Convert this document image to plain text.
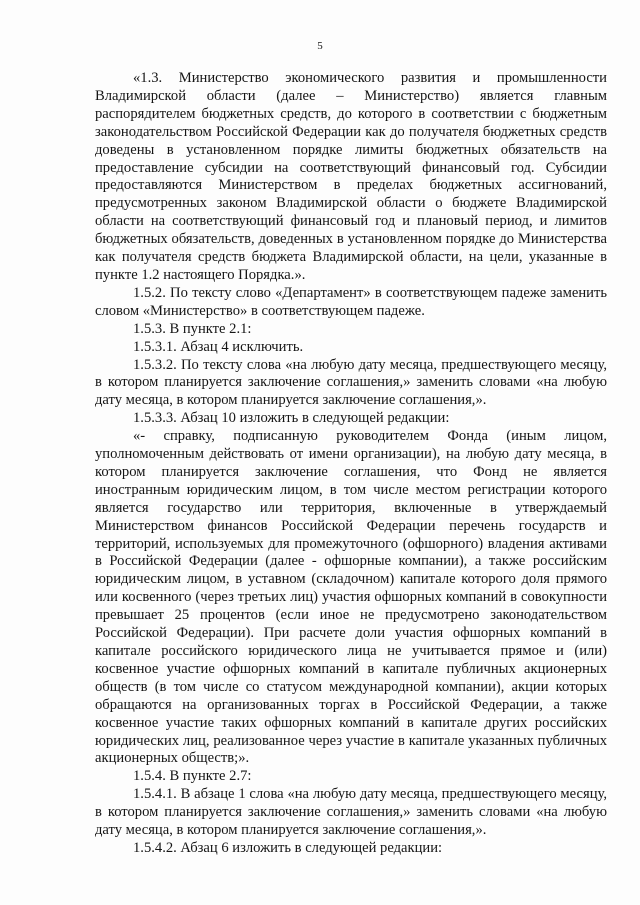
5

«1.3. Министерство экономического развития и промышленности Владимирской области (далее – Министерство) является главным распорядителем бюджетных средств, до которого в соответствии с бюджетным законодательством Российской Федерации как до получателя бюджетных средств доведены в установленном порядке лимиты бюджетных обязательств на предоставление субсидии на соответствующий финансовый год. Субсидии предоставляются Министерством в пределах бюджетных ассигнований, предусмотренных законом Владимирской области о бюджете Владимирской области на соответствующий финансовый год и плановый период, и лимитов бюджетных обязательств, доведенных в установленном порядке до Министерства как получателя средств бюджета Владимирской области, на цели, указанные в пункте 1.2 настоящего Порядка.».

1.5.2. По тексту слово «Департамент» в соответствующем падеже заменить словом «Министерство» в соответствующем падеже.

1.5.3. В пункте 2.1:

1.5.3.1. Абзац 4 исключить.

1.5.3.2. По тексту слова «на любую дату месяца, предшествующего месяцу, в котором планируется заключение соглашения,» заменить словами «на любую дату месяца, в котором планируется заключение соглашения,».

1.5.3.3. Абзац 10 изложить в следующей редакции:

«- справку, подписанную руководителем Фонда (иным лицом, уполномоченным действовать от имени организации), на любую дату месяца, в котором планируется заключение соглашения, что Фонд не является иностранным юридическим лицом, в том числе местом регистрации которого является государство или территория, включенные в утверждаемый Министерством финансов Российской Федерации перечень государств и территорий, используемых для промежуточного (офшорного) владения активами в Российской Федерации (далее - офшорные компании), а также российским юридическим лицом, в уставном (складочном) капитале которого доля прямого или косвенного (через третьих лиц) участия офшорных компаний в совокупности превышает 25 процентов (если иное не предусмотрено законодательством Российской Федерации). При расчете доли участия офшорных компаний в капитале российского юридического лица не учитывается прямое и (или) косвенное участие офшорных компаний в капитале публичных акционерных обществ (в том числе со статусом международной компании), акции которых обращаются на организованных торгах в Российской Федерации, а также косвенное участие таких офшорных компаний в капитале других российских юридических лиц, реализованное через участие в капитале указанных публичных акционерных обществ;».

1.5.4. В пункте 2.7:

1.5.4.1. В абзаце 1 слова «на любую дату месяца, предшествующего месяцу, в котором планируется заключение соглашения,» заменить словами «на любую дату месяца, в котором планируется заключение соглашения,».

1.5.4.2. Абзац 6 изложить в следующей редакции:
